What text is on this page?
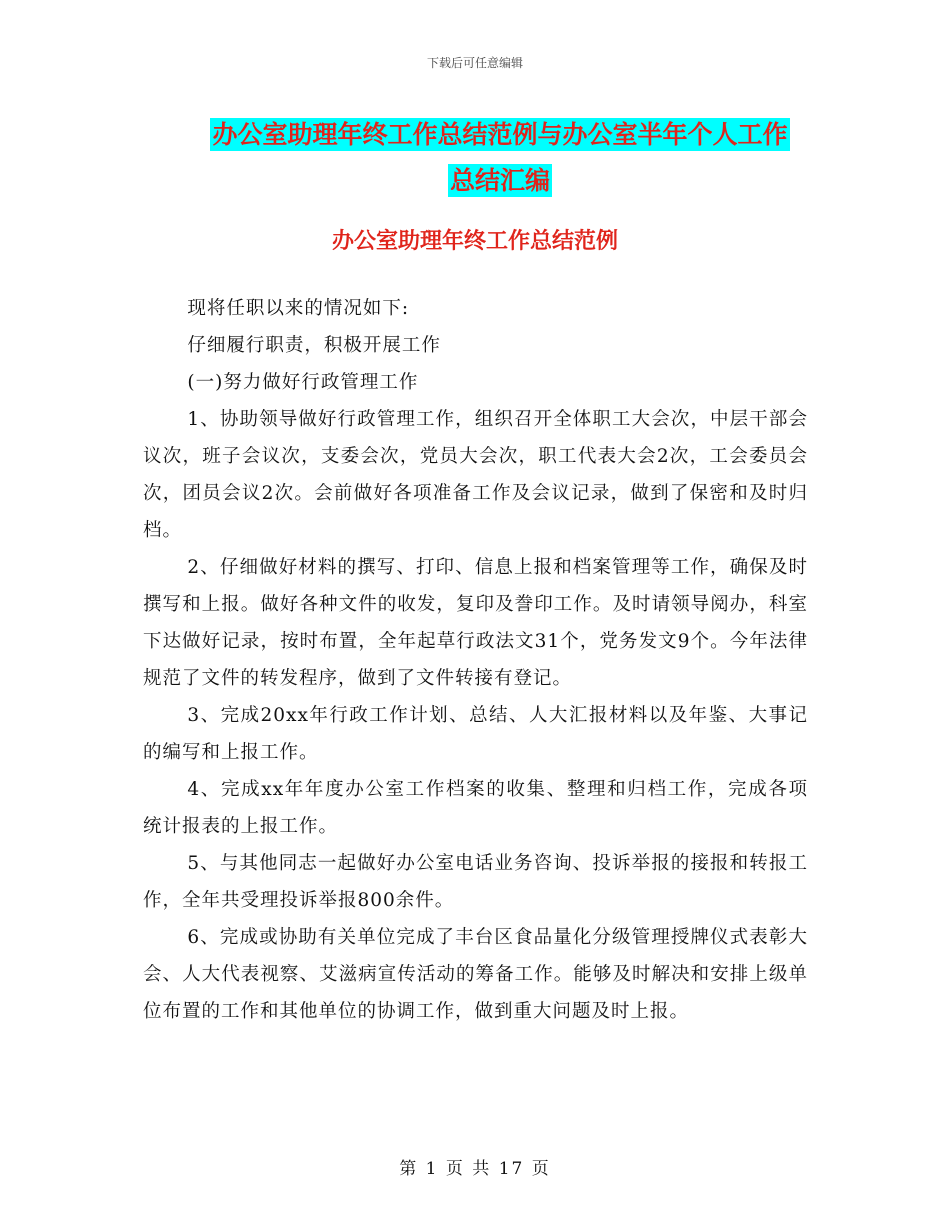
下载后可任意编辑
办公室助理年终工作总结范例与办公室半年个人工作
总结汇编
办公室助理年终工作总结范例

现将任职以来的情况如下:

仔细履行职责，积极开展工作

(一)努力做好行政管理工作

1、协助领导做好行政管理工作，组织召开全体职工大会次，中层干部会议次，班子会议次，支委会次，党员大会次，职工代表大会2次，工会委员会次，团员会议2次。会前做好各项准备工作及会议记录，做到了保密和及时归档。

2、仔细做好材料的撰写、打印、信息上报和档案管理等工作，确保及时撰写和上报。做好各种文件的收发，复印及誊印工作。及时请领导阅办，科室下达做好记录，按时布置，全年起草行政法文31个，党务发文9个。今年法律规范了文件的转发程序，做到了文件转接有登记。

3、完成20xx年行政工作计划、总结、人大汇报材料以及年鉴、大事记的编写和上报工作。

4、完成xx年年度办公室工作档案的收集、整理和归档工作，完成各项统计报表的上报工作。

5、与其他同志一起做好办公室电话业务咨询、投诉举报的接报和转报工作，全年共受理投诉举报800余件。

6、完成或协助有关单位完成了丰台区食品量化分级管理授牌仪式表彰大会、人大代表视察、艾滋病宣传活动的筹备工作。能够及时解决和安排上级单位布置的工作和其他单位的协调工作，做到重大问题及时上报。

第 1 页 共 17 页
